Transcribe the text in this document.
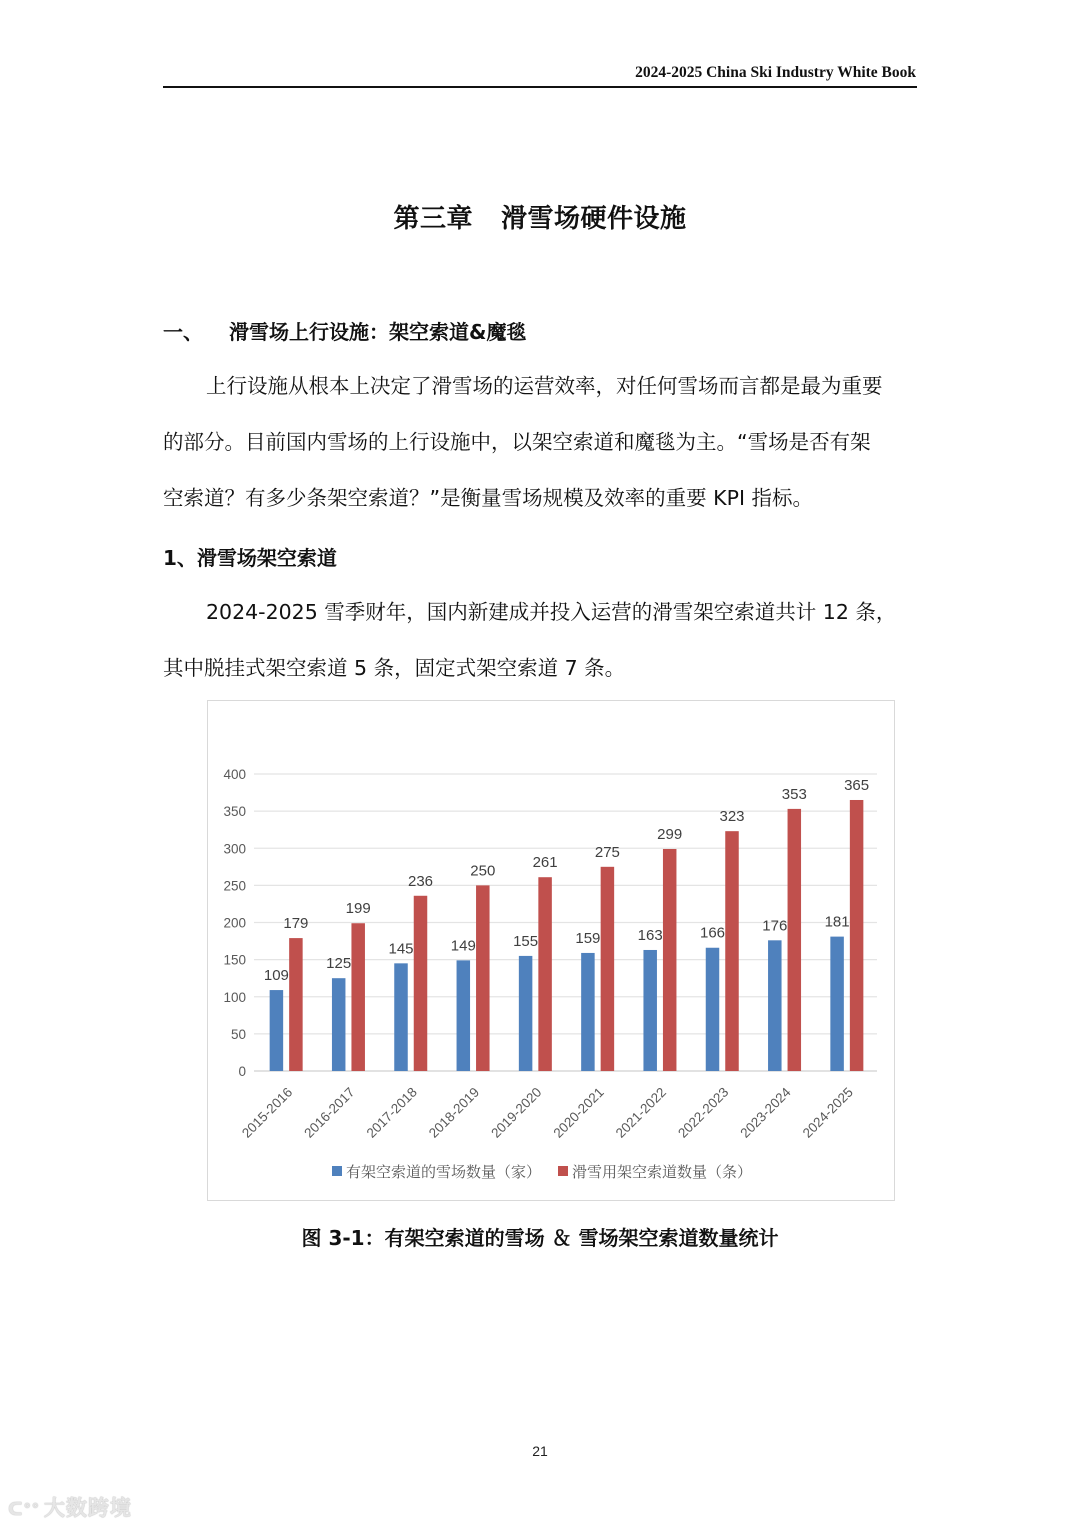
2024-2025 China Ski Industry White Book
第三章 滑雪场硬件设施
一、 滑雪场上行设施：架空索道&魔毯
上行设施从根本上决定了滑雪场的运营效率，对任何雪场而言都是最为重要
的部分。目前国内雪场的上行设施中，以架空索道和魔毯为主。“雪场是否有架
空索道？有多少条架空索道？”是衡量雪场规模及效率的重要 KPI 指标。
1、滑雪场架空索道
2024-2025 雪季财年，国内新建成并投入运营的滑雪架空索道共计 12 条，
其中脱挂式架空索道 5 条，固定式架空索道 7 条。
0
50
100
150
200
250
300
350
400
109
179
2015-2016
125
199
2016-2017
145
236
2017-2018
149
250
2018-2019
155
261
2019-2020
159
275
2020-2021
163
299
2021-2022
166
323
2022-2023
176
353
2023-2024
181
365
2024-2025
有架空索道的雪场数量（家） 滑雪用架空索道数量（条）
图 3-1：有架空索道的雪场 ＆ 雪场架空索道数量统计
21
ᑕᐤᐤ 大数跨境
